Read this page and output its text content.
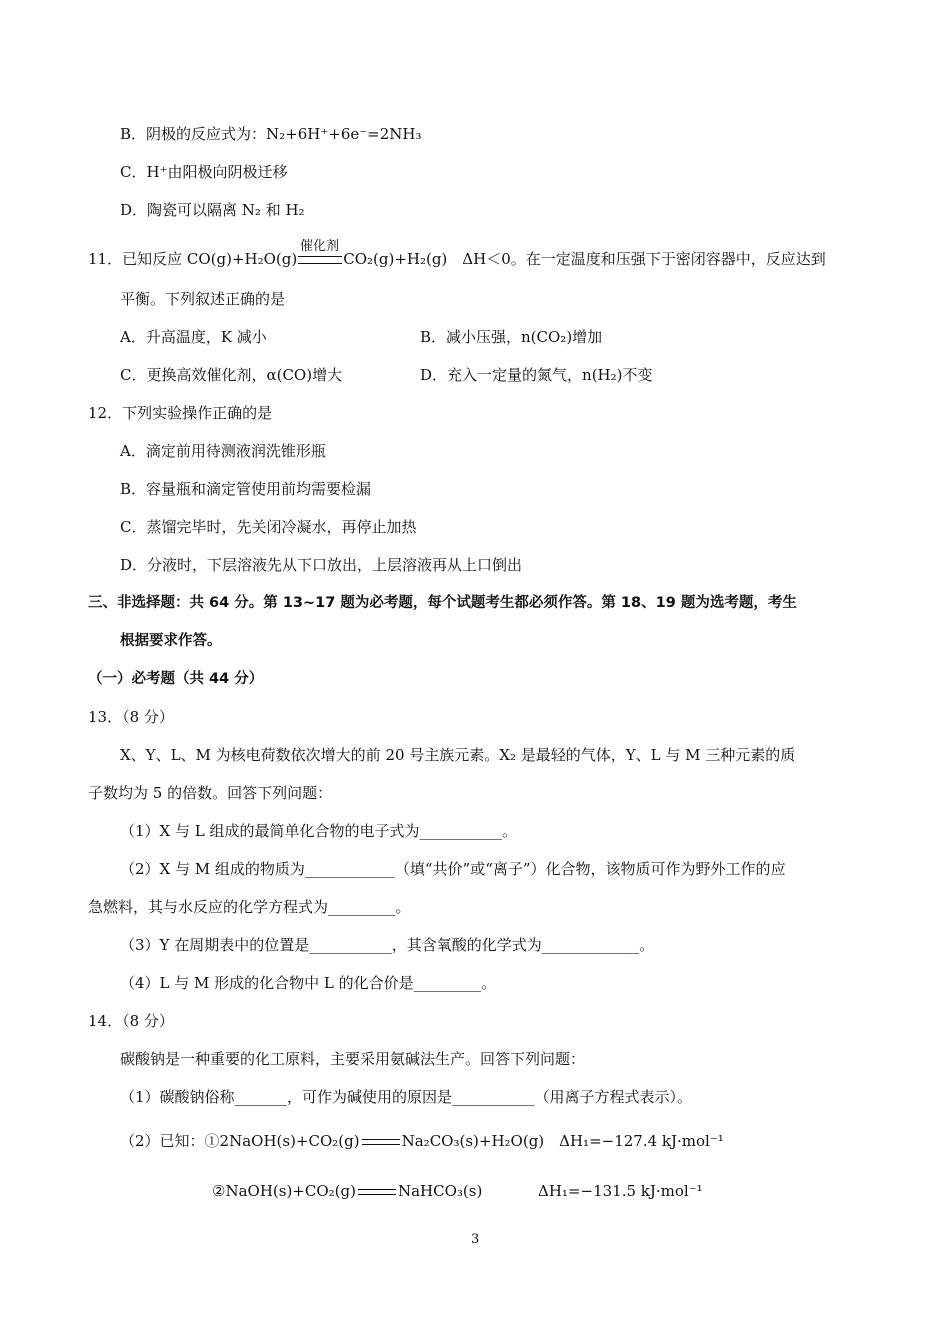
B．阴极的反应式为：N₂+6H⁺+6e⁻=2NH₃
C．H⁺由阳极向阴极迁移
D．陶瓷可以隔离 N₂ 和 H₂
催化剂
11．已知反应 CO(g)+H₂O(g)	CO₂(g)+H₂(g)　ΔH＜0。在一定温度和压强下于密闭容器中，反应达到
平衡。下列叙述正确的是
A．升高温度，K 减小	B．减小压强，n(CO₂)增加
C．更换高效催化剂，α(CO)增大	D．充入一定量的氮气，n(H₂)不变
12．下列实验操作正确的是
A．滴定前用待测液润洗锥形瓶
B．容量瓶和滴定管使用前均需要检漏
C．蒸馏完毕时，先关闭冷凝水，再停止加热
D．分液时，下层溶液先从下口放出，上层溶液再从上口倒出
三、非选择题：共 64 分。第 13~17 题为必考题，每个试题考生都必须作答。第 18、19 题为选考题，考生
根据要求作答。
（一）必考题（共 44 分）
13．（8 分）
X、Y、L、M 为核电荷数依次增大的前 20 号主族元素。X₂ 是最轻的气体，Y、L 与 M 三种元素的质
子数均为 5 的倍数。回答下列问题：
（1）X 与 L 组成的最简单化合物的电子式为___________。
（2）X 与 M 组成的物质为____________（填“共价”或“离子”）化合物，该物质可作为野外工作的应
急燃料，其与水反应的化学方程式为_________。
（3）Y 在周期表中的位置是___________，其含氧酸的化学式为_____________。
（4）L 与 M 形成的化合物中 L 的化合价是_________。
14．（8 分）
碳酸钠是一种重要的化工原料，主要采用氨碱法生产。回答下列问题：
（1）碳酸钠俗称_______，可作为碱使用的原因是___________（用离子方程式表示）。
（2）已知：①2NaOH(s)+CO₂(g)	Na₂CO₃(s)+H₂O(g)　ΔH₁=−127.4 kJ·mol⁻¹
②NaOH(s)+CO₂(g)	NaHCO₃(s)	ΔH₁=−131.5 kJ·mol⁻¹
3
